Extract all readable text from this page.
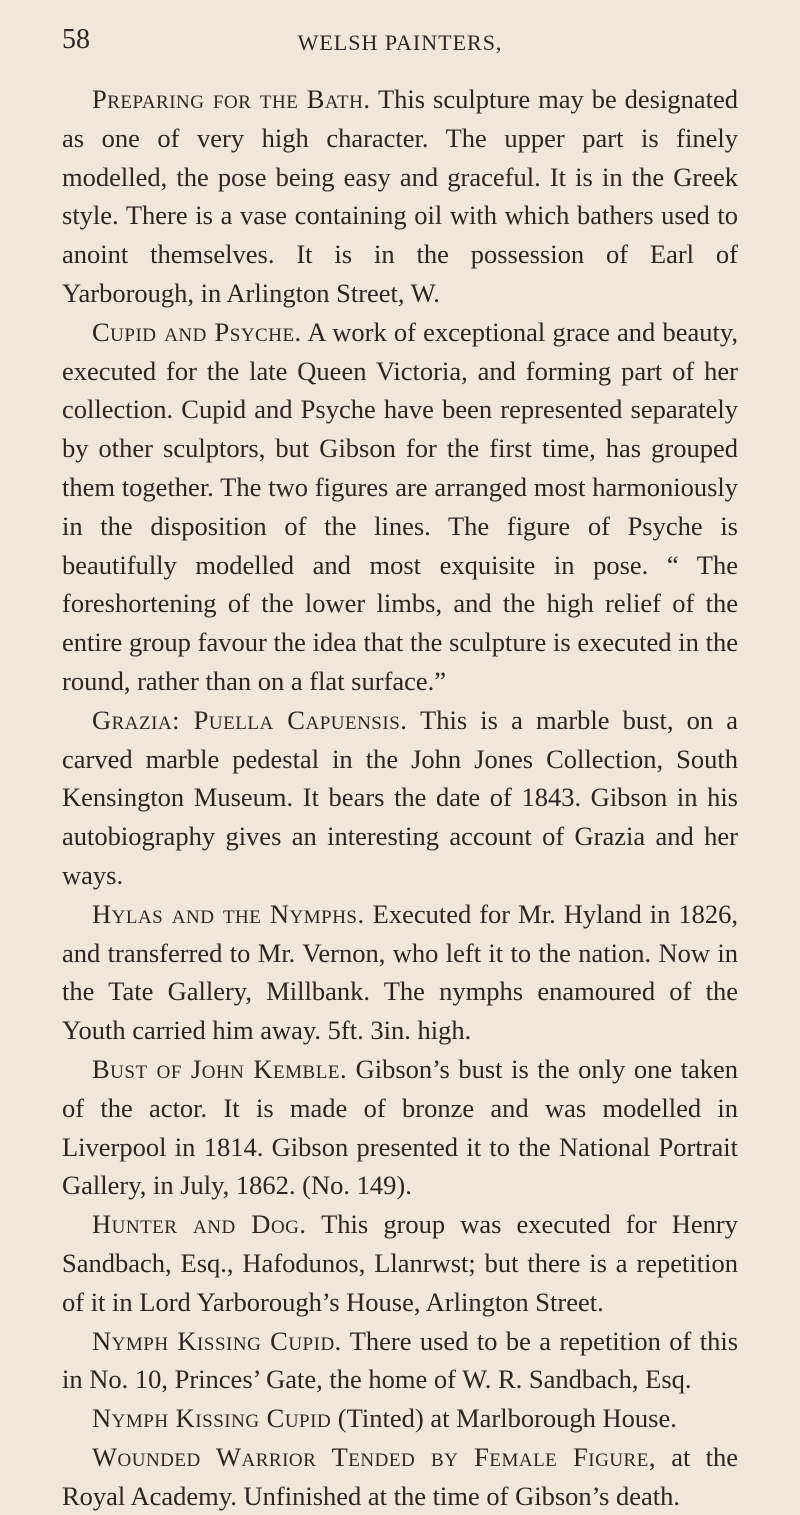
58	WELSH PAINTERS,

Preparing for the Bath. This sculpture may be designated as one of very high character. The upper part is finely modelled, the pose being easy and graceful. It is in the Greek style. There is a vase containing oil with which bathers used to anoint themselves. It is in the possession of Earl of Yarborough, in Arlington Street, W.

Cupid and Psyche. A work of exceptional grace and beauty, executed for the late Queen Victoria, and forming part of her collection. Cupid and Psyche have been represented separately by other sculptors, but Gibson for the first time, has grouped them together. The two figures are arranged most harmoniously in the disposition of the lines. The figure of Psyche is beautifully modelled and most exquisite in pose. “ The foreshortening of the lower limbs, and the high relief of the entire group favour the idea that the sculpture is executed in the round, rather than on a flat surface.”

Grazia: Puella Capuensis. This is a marble bust, on a carved marble pedestal in the John Jones Collection, South Kensington Museum. It bears the date of 1843. Gibson in his autobiography gives an interesting account of Grazia and her ways.

Hylas and the Nymphs. Executed for Mr. Hyland in 1826, and transferred to Mr. Vernon, who left it to the nation. Now in the Tate Gallery, Millbank. The nymphs enamoured of the Youth carried him away. 5ft. 3in. high.

Bust of John Kemble. Gibson’s bust is the only one taken of the actor. It is made of bronze and was modelled in Liverpool in 1814. Gibson presented it to the National Portrait Gallery, in July, 1862. (No. 149).

Hunter and Dog. This group was executed for Henry Sandbach, Esq., Hafodunos, Llanrwst; but there is a repetition of it in Lord Yarborough’s House, Arlington Street.

Nymph Kissing Cupid. There used to be a repetition of this in No. 10, Princes’ Gate, the home of W. R. Sandbach, Esq.

Nymph Kissing Cupid (Tinted) at Marlborough House.

Wounded Warrior Tended by Female Figure, at the Royal Academy. Unfinished at the time of Gibson’s death.
